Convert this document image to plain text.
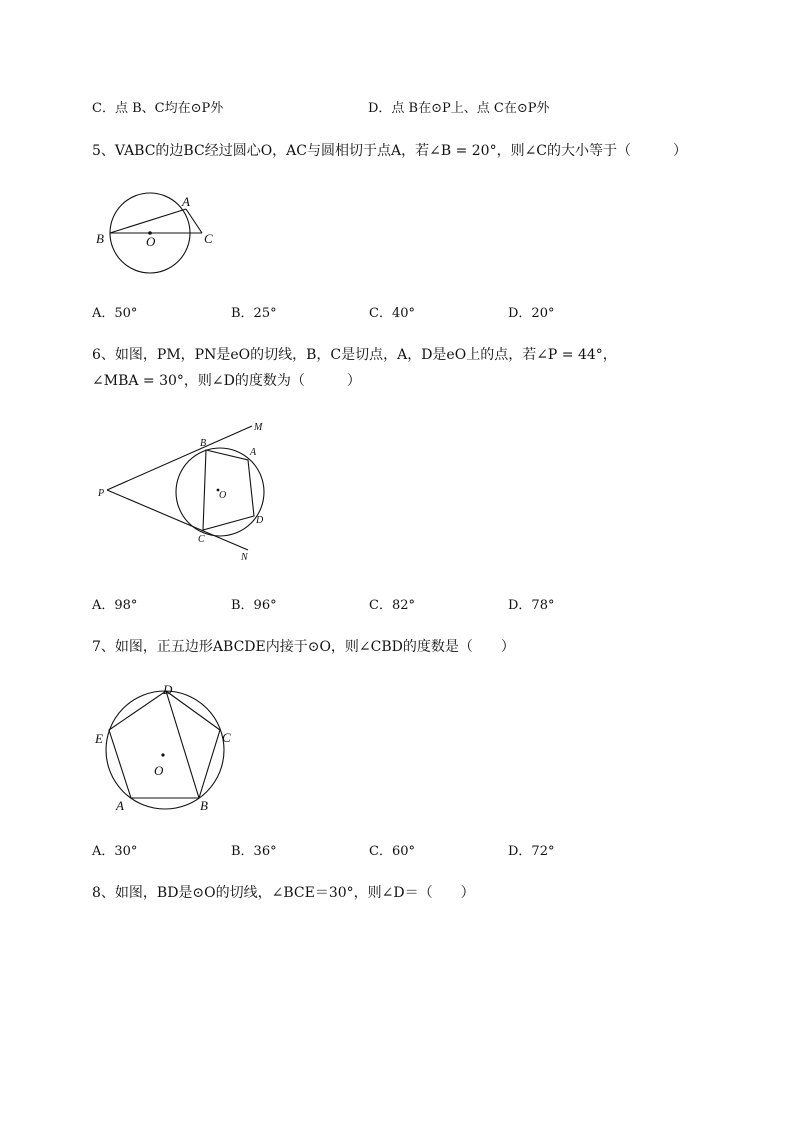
C．点 B、C均在⊙P外	D．点 B在⊙P上、点 C在⊙P外
5、VABC的边BC经过圆心O，AC与圆相切于点A，若∠B = 20°，则∠C的大小等于（　　　）
B
A
C
O
A．50°	B．25°	C．40°	D．20°
6、如图，PM，PN是eO的切线，B，C是切点，A，D是eO上的点，若∠P = 44°，
∠MBA = 30°，则∠D的度数为（　　　）
M
B
A
P	O
D
C
N
A．98°	B．96°	C．82°	D．78°
7、如图，正五边形ABCDE内接于⊙O，则∠CBD的度数是（　　）
D
E	C
O
A	B
A．30°	B．36°	C．60°	D．72°
8、如图，BD是⊙O的切线，∠BCE＝30°，则∠D＝（　　）
